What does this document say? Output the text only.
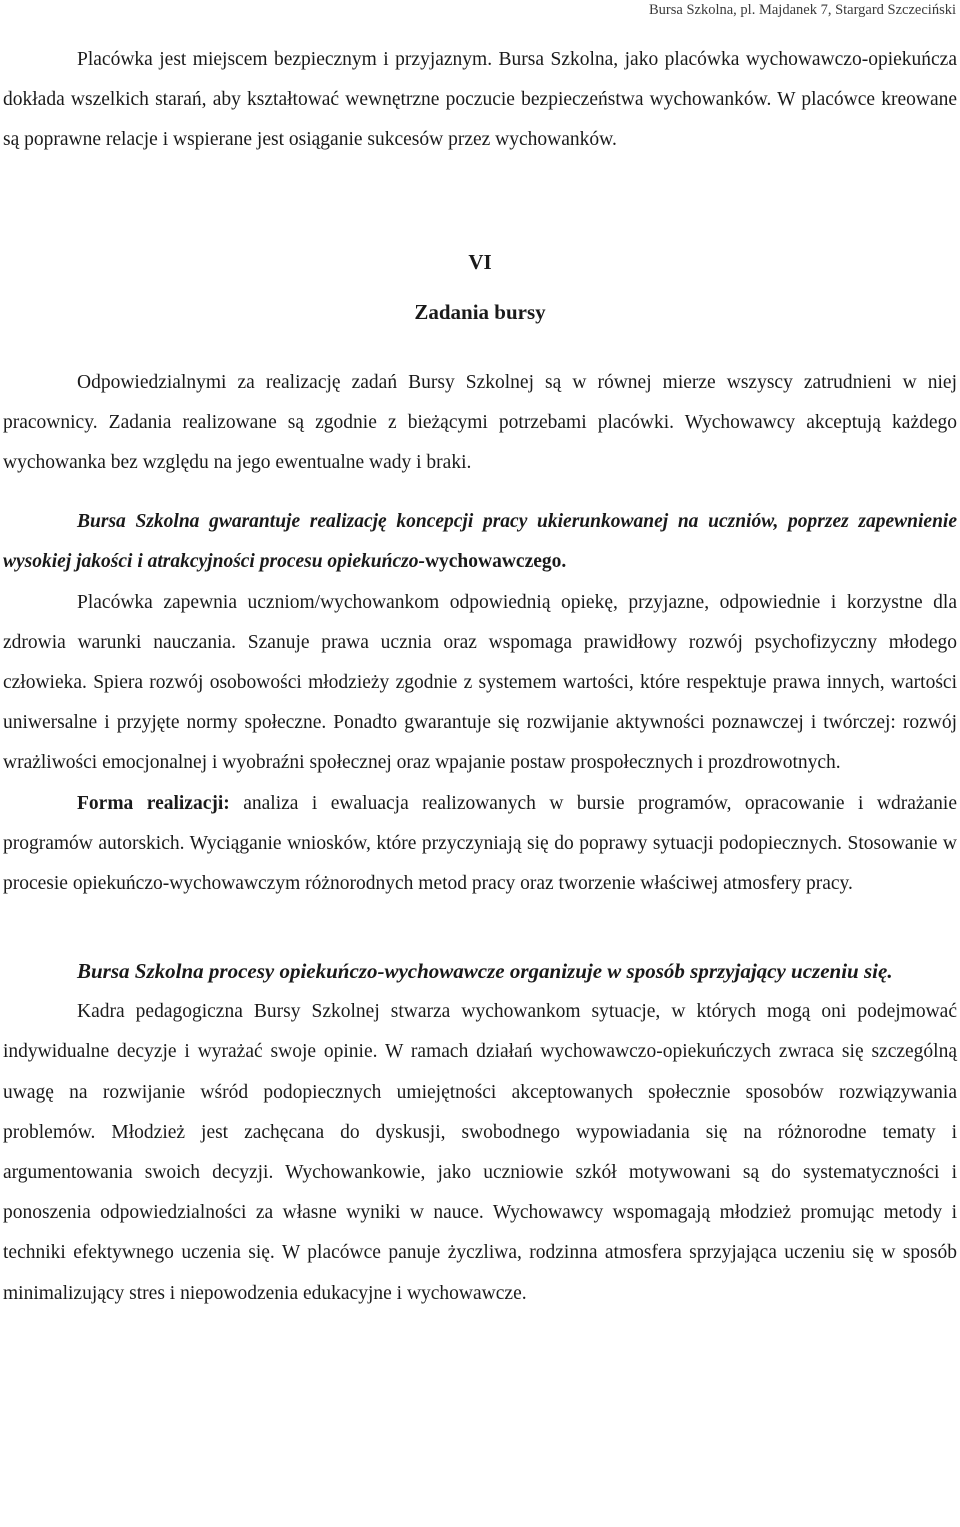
Bursa Szkolna, pl. Majdanek 7, Stargard Szczeciński

Placówka jest miejscem bezpiecznym i przyjaznym. Bursa Szkolna, jako placówka wychowawczo-opiekuńcza dokłada wszelkich starań, aby kształtować wewnętrzne poczucie bezpieczeństwa wychowanków. W placówce kreowane są poprawne relacje i wspierane jest osiąganie sukcesów przez wychowanków.

VI
Zadania bursy

Odpowiedzialnymi za realizację zadań Bursy Szkolnej są w równej mierze wszyscy zatrudnieni w niej pracownicy. Zadania realizowane są zgodnie z bieżącymi potrzebami placówki. Wychowawcy akceptują każdego wychowanka bez względu na jego ewentualne wady i braki.

Bursa Szkolna gwarantuje realizację koncepcji pracy ukierunkowanej na uczniów, poprzez zapewnienie wysokiej jakości i atrakcyjności procesu opiekuńczo-wychowawczego.

Placówka zapewnia uczniom/wychowankom odpowiednią opiekę, przyjazne, odpowiednie i korzystne dla zdrowia warunki nauczania. Szanuje prawa ucznia oraz wspomaga prawidłowy rozwój psychofizyczny młodego człowieka. Spiera rozwój osobowości młodzieży zgodnie z systemem wartości, które respektuje prawa innych, wartości uniwersalne i przyjęte normy społeczne. Ponadto gwarantuje się rozwijanie aktywności poznawczej i twórczej: rozwój wrażliwości emocjonalnej i wyobraźni społecznej oraz wpajanie postaw prospołecznych i prozdrowotnych.

Forma realizacji: analiza i ewaluacja realizowanych w bursie programów, opracowanie i wdrażanie programów autorskich. Wyciąganie wniosków, które przyczyniają się do poprawy sytuacji podopiecznych. Stosowanie w procesie opiekuńczo-wychowawczym różnorodnych metod pracy oraz tworzenie właściwej atmosfery pracy.

Bursa Szkolna procesy opiekuńczo-wychowawcze organizuje w sposób sprzyjający uczeniu się.

Kadra pedagogiczna Bursy Szkolnej stwarza wychowankom sytuacje, w których mogą oni podejmować indywidualne decyzje i wyrażać swoje opinie. W ramach działań wychowawczo-opiekuńczych zwraca się szczególną uwagę na rozwijanie wśród podopiecznych umiejętności akceptowanych społecznie sposobów rozwiązywania problemów. Młodzież jest zachęcana do dyskusji, swobodnego wypowiadania się na różnorodne tematy i argumentowania swoich decyzji. Wychowankowie, jako uczniowie szkół motywowani są do systematyczności i ponoszenia odpowiedzialności za własne wyniki w nauce. Wychowawcy wspomagają młodzież promując metody i techniki efektywnego uczenia się. W placówce panuje życzliwa, rodzinna atmosfera sprzyjająca uczeniu się w sposób minimalizujący stres i niepowodzenia edukacyjne i wychowawcze.
